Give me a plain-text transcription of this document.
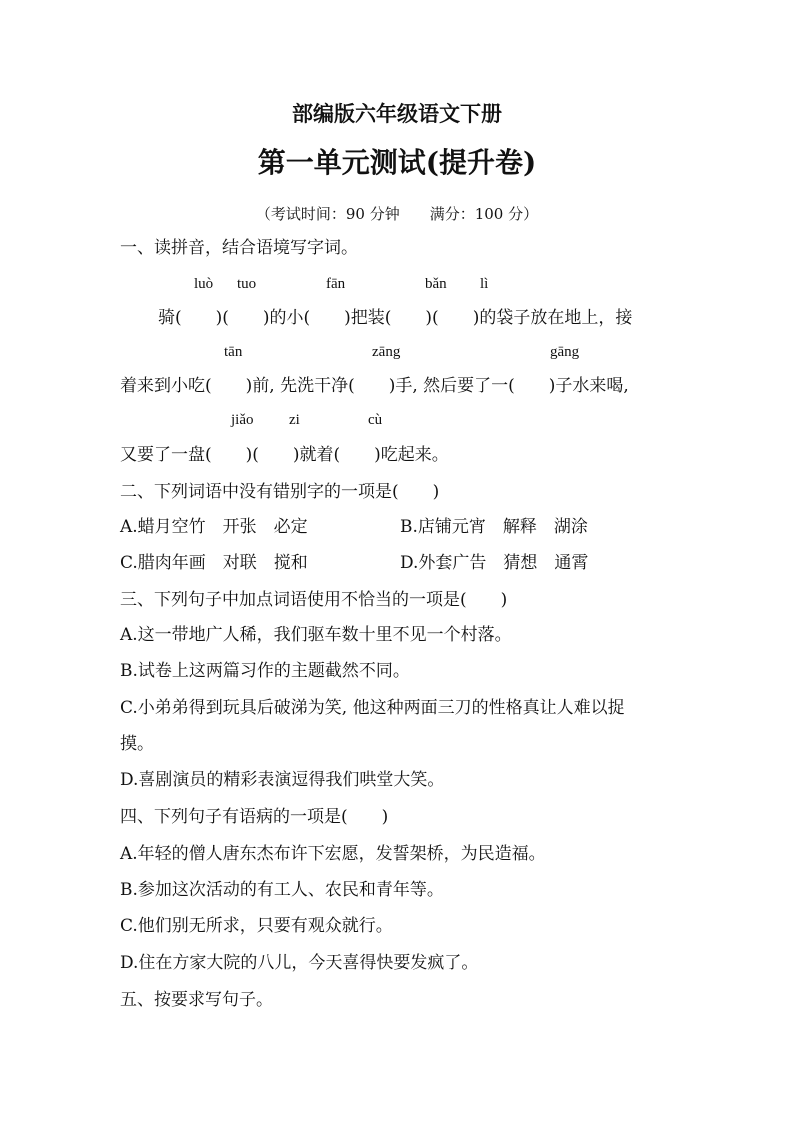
部编版六年级语文下册
第一单元测试(提升卷)
（考试时间：90 分钟　　满分：100 分）
一、读拼音，结合语境写字词。
luò tuo	fān	bǎn lì
骑(　　)(　　)的小(　　)把装(　　)(　　)的袋子放在地上，接
tān	zāng	gāng
着来到小吃(　　)前, 先洗干净(　　)手, 然后要了一(　　)子水来喝,
jiǎo zi	cù
又要了一盘(　　)(　　)就着(　　)吃起来。
二、下列词语中没有错别字的一项是(　　)
A.蜡月空竹　开张　必定	B.店铺元宵　解释　湖涂
C.腊肉年画　对联　搅和	D.外套广告　猜想　通霄
三、下列句子中加点词语使用不恰当的一项是(　　)
A.这一带地广人稀，我们驱车数十里不见一个村落。
B.试卷上这两篇习作的主题截然不同。
C.小弟弟得到玩具后破涕为笑, 他这种两面三刀的性格真让人难以捉
摸。
D.喜剧演员的精彩表演逗得我们哄堂大笑。
四、下列句子有语病的一项是(　　)
A.年轻的僧人唐东杰布许下宏愿，发誓架桥，为民造福。
B.参加这次活动的有工人、农民和青年等。
C.他们别无所求，只要有观众就行。
D.住在方家大院的八儿，今天喜得快要发疯了。
五、按要求写句子。
